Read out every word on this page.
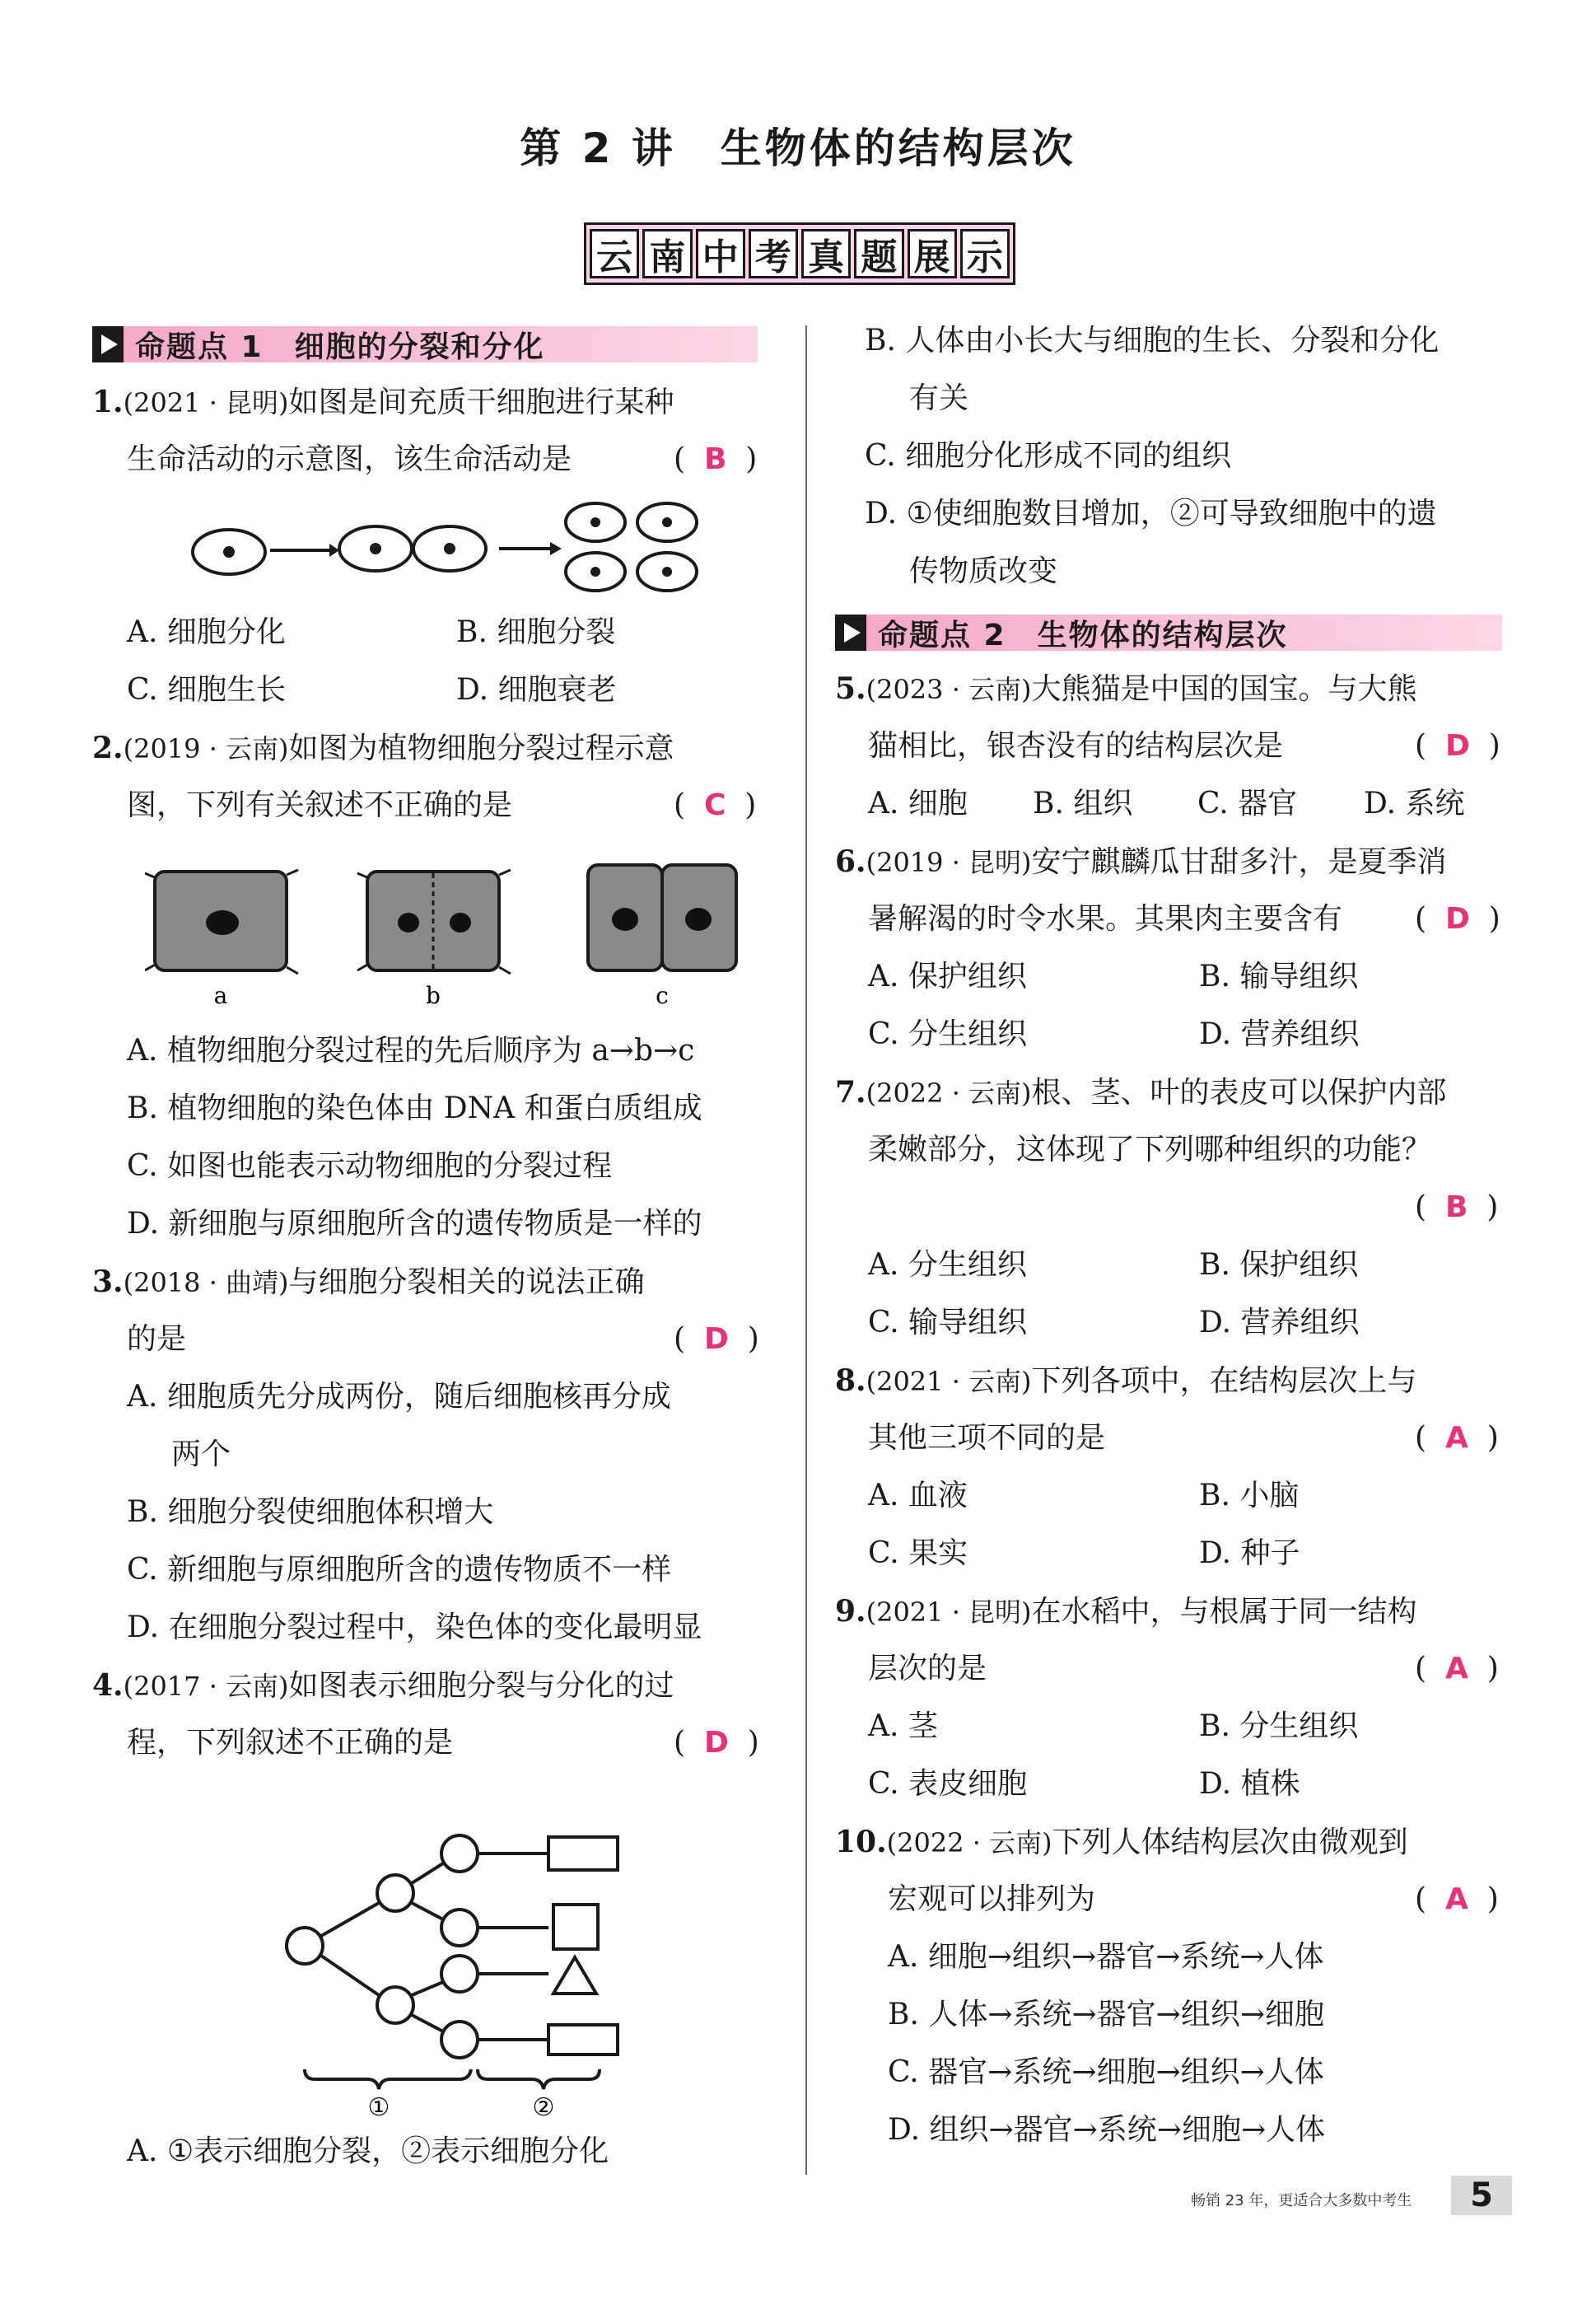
第 2 讲　生物体的结构层次
云 南 中 考 真 题 展 示
命题点 1　细胞的分裂和分化
1.(2021 · 昆明)如图是间充质干细胞进行某种
生命活动的示意图，该生命活动是	(  B  )
A. 细胞分化	B. 细胞分裂
C. 细胞生长	D. 细胞衰老
2.(2019 · 云南)如图为植物细胞分裂过程示意
图，下列有关叙述不正确的是	(  C  )
a	b	c
A. 植物细胞分裂过程的先后顺序为 a→b→c
B. 植物细胞的染色体由 DNA 和蛋白质组成
C. 如图也能表示动物细胞的分裂过程
D. 新细胞与原细胞所含的遗传物质是一样的
3.(2018 · 曲靖)与细胞分裂相关的说法正确
的是	(  D  )
A. 细胞质先分成两份，随后细胞核再分成
两个
B. 细胞分裂使细胞体积增大
C. 新细胞与原细胞所含的遗传物质不一样
D. 在细胞分裂过程中，染色体的变化最明显
4.(2017 · 云南)如图表示细胞分裂与分化的过
程，下列叙述不正确的是	(  D  )
①	②
A. ①表示细胞分裂，②表示细胞分化
B. 人体由小长大与细胞的生长、分裂和分化
有关
C. 细胞分化形成不同的组织
D. ①使细胞数目增加，②可导致细胞中的遗
传物质改变
命题点 2　生物体的结构层次
5.(2023 · 云南)大熊猫是中国的国宝。与大熊
猫相比，银杏没有的结构层次是	(  D  )
A. 细胞 B. 组织 C. 器官 D. 系统
6.(2019 · 昆明)安宁麒麟瓜甘甜多汁，是夏季消
暑解渴的时令水果。其果肉主要含有 (  D  )
A. 保护组织	B. 输导组织
C. 分生组织	D. 营养组织
7.(2022 · 云南)根、茎、叶的表皮可以保护内部
柔嫩部分，这体现了下列哪种组织的功能？
(  B  )
A. 分生组织	B. 保护组织
C. 输导组织	D. 营养组织
8.(2021 · 云南)下列各项中，在结构层次上与
其他三项不同的是	(  A  )
A. 血液	B. 小脑
C. 果实	D. 种子
9.(2021 · 昆明)在水稻中，与根属于同一结构
层次的是	(  A  )
A. 茎	B. 分生组织
C. 表皮细胞	D. 植株
10.(2022 · 云南)下列人体结构层次由微观到
宏观可以排列为	(  A  )
A. 细胞→组织→器官→系统→人体
B. 人体→系统→器官→组织→细胞
C. 器官→系统→细胞→组织→人体
D. 组织→器官→系统→细胞→人体
畅销 23 年，更适合大多数中考生	5
